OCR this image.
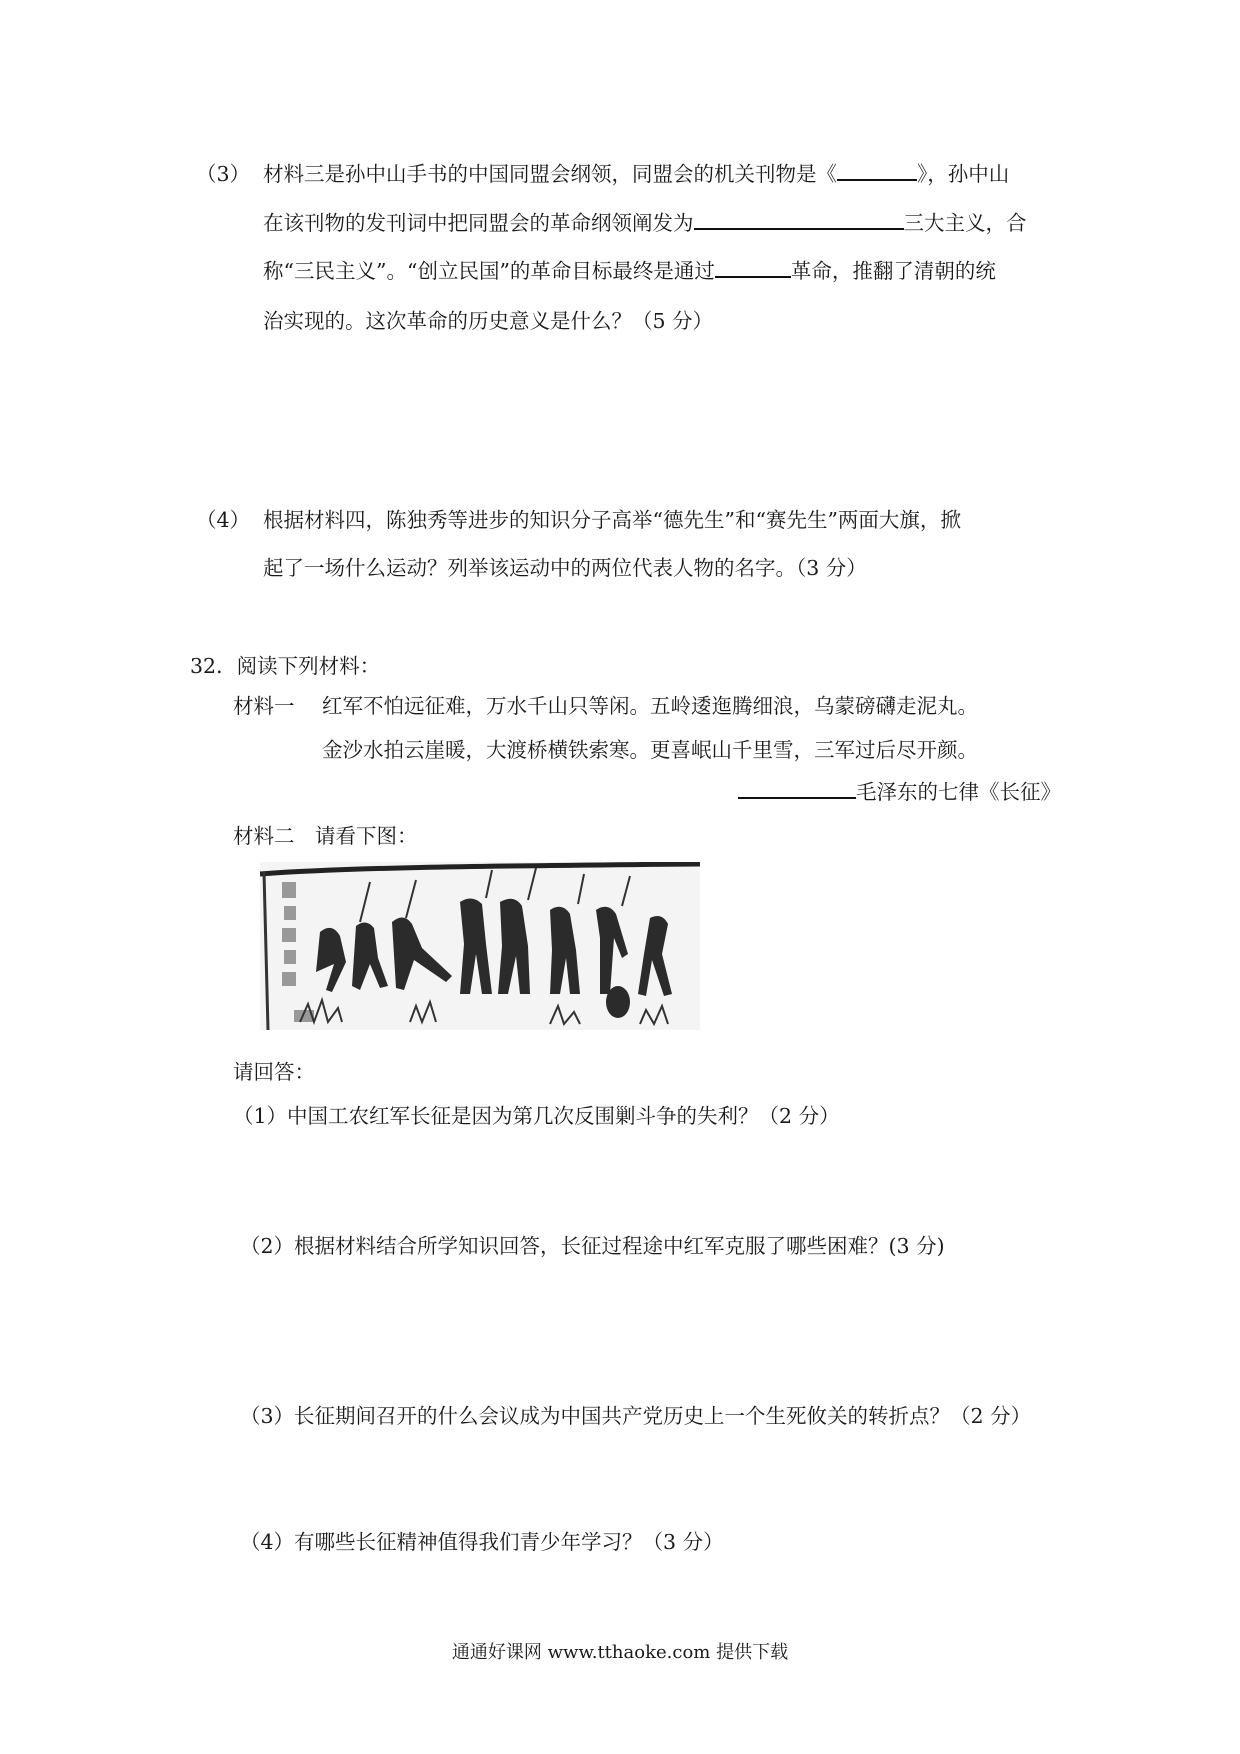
（3） 材料三是孙中山手书的中国同盟会纲领，同盟会的机关刊物是《	》，孙中山
在该刊物的发刊词中把同盟会的革命纲领阐发为	三大主义，合
称“三民主义”。“创立民国”的革命目标最终是通过	革命，推翻了清朝的统
治实现的。这次革命的历史意义是什么？（5 分）
（4） 根据材料四，陈独秀等进步的知识分子高举“德先生”和“赛先生”两面大旗，掀
起了一场什么运动？列举该运动中的两位代表人物的名字。（3 分）
32．阅读下列材料：
材料一 红军不怕远征难，万水千山只等闲。五岭逶迤腾细浪，乌蒙磅礴走泥丸。
金沙水拍云崖暖，大渡桥横铁索寒。更喜岷山千里雪，三军过后尽开颜。
毛泽东的七律《长征》
材料二　请看下图：
请回答：
（1）中国工农红军长征是因为第几次反围剿斗争的失利？（2 分）
（2）根据材料结合所学知识回答，长征过程途中红军克服了哪些困难？(3 分)
（3）长征期间召开的什么会议成为中国共产党历史上一个生死攸关的转折点？（2 分）
（4）有哪些长征精神值得我们青少年学习？（3 分）
通通好课网 www.tthaoke.com 提供下载
